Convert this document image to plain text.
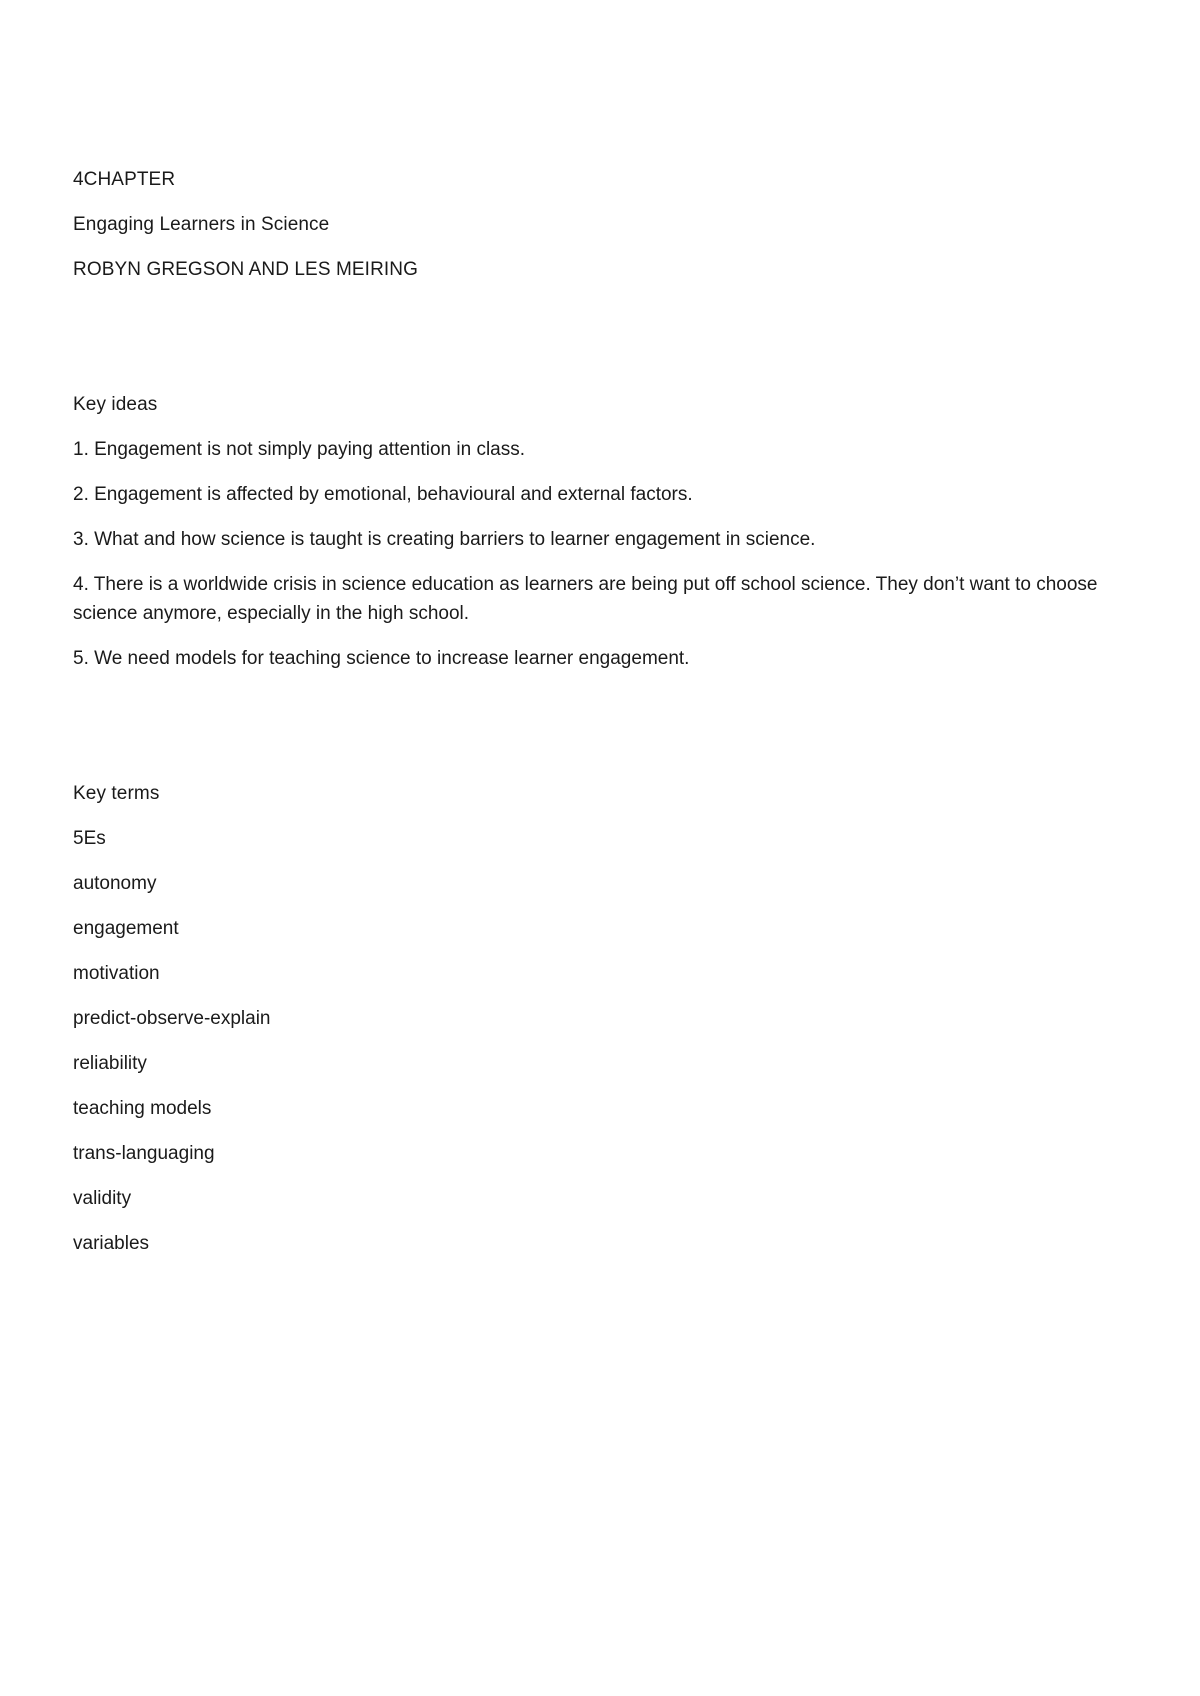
4CHAPTER

Engaging Learners in Science

ROBYN GREGSON AND LES MEIRING

Key ideas

1. Engagement is not simply paying attention in class.
2. Engagement is affected by emotional, behavioural and external factors.
3. What and how science is taught is creating barriers to learner engagement in science.
4. There is a worldwide crisis in science education as learners are being put off school science. They don’t want to choose science anymore, especially in the high school.
5. We need models for teaching science to increase learner engagement.

Key terms

5Es
autonomy
engagement
motivation
predict-observe-explain
reliability
teaching models
trans-languaging
validity
variables
